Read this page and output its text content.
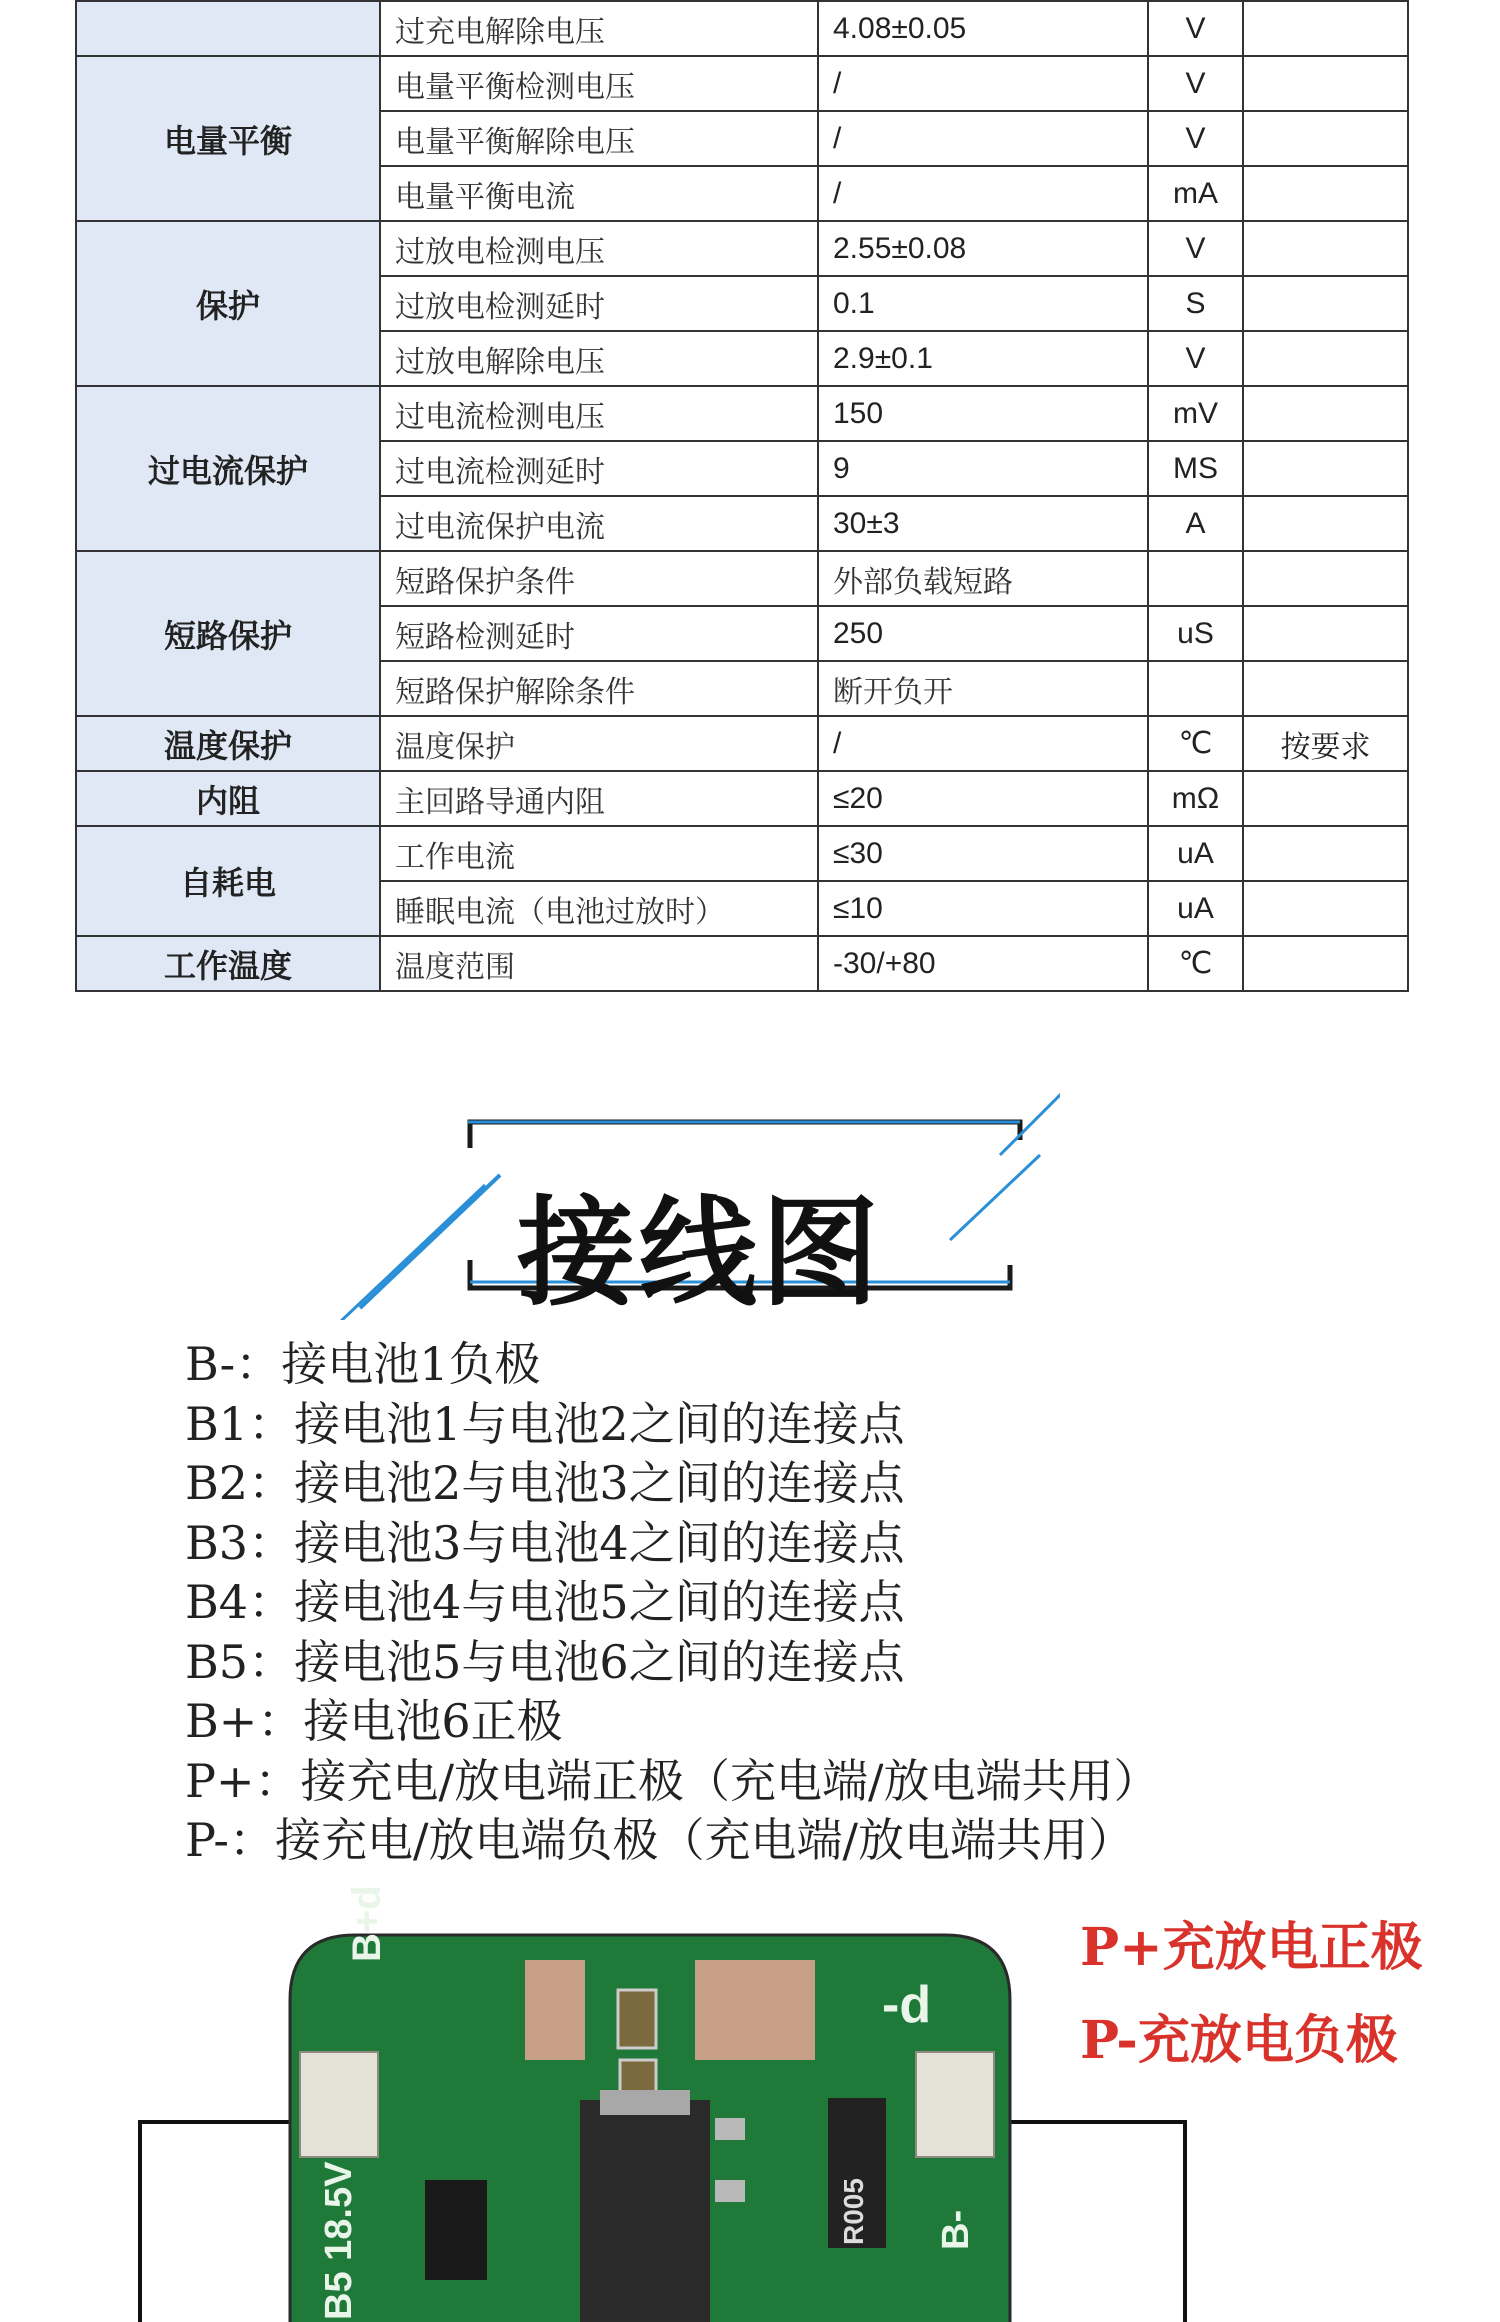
	过充电解除电压	4.08±0.05	V	
电量平衡	电量平衡检测电压	/	V	
	电量平衡解除电压	/	V	
	电量平衡电流	/	mA	
保护	过放电检测电压	2.55±0.08	V	
	过放电检测延时	0.1	S	
	过放电解除电压	2.9±0.1	V	
过电流保护	过电流检测电压	150	mV	
	过电流检测延时	9	MS	
	过电流保护电流	30±3	A	
短路保护	短路保护条件	外部负载短路		
	短路检测延时	250	uS	
	短路保护解除条件	断开负开		
温度保护	温度保护	/	℃	按要求
内阻	主回路导通内阻	≤20	mΩ	
自耗电	工作电流	≤30	uA	
	睡眠电流（电池过放时）	≤10	uA	
工作温度	温度范围	-30/+80	℃	
接线图
B-：接电池1负极
B1：接电池1与电池2之间的连接点
B2：接电池2与电池3之间的连接点
B3：接电池3与电池4之间的连接点
B4：接电池4与电池5之间的连接点
B5：接电池5与电池6之间的连接点
B+：接电池6正极
P+：接充电/放电端正极（充电端/放电端共用）
P-：接充电/放电端负极（充电端/放电端共用）
B+d
-d
B-
B5 18.5V	R005
P+充放电正极
P-充放电负极
